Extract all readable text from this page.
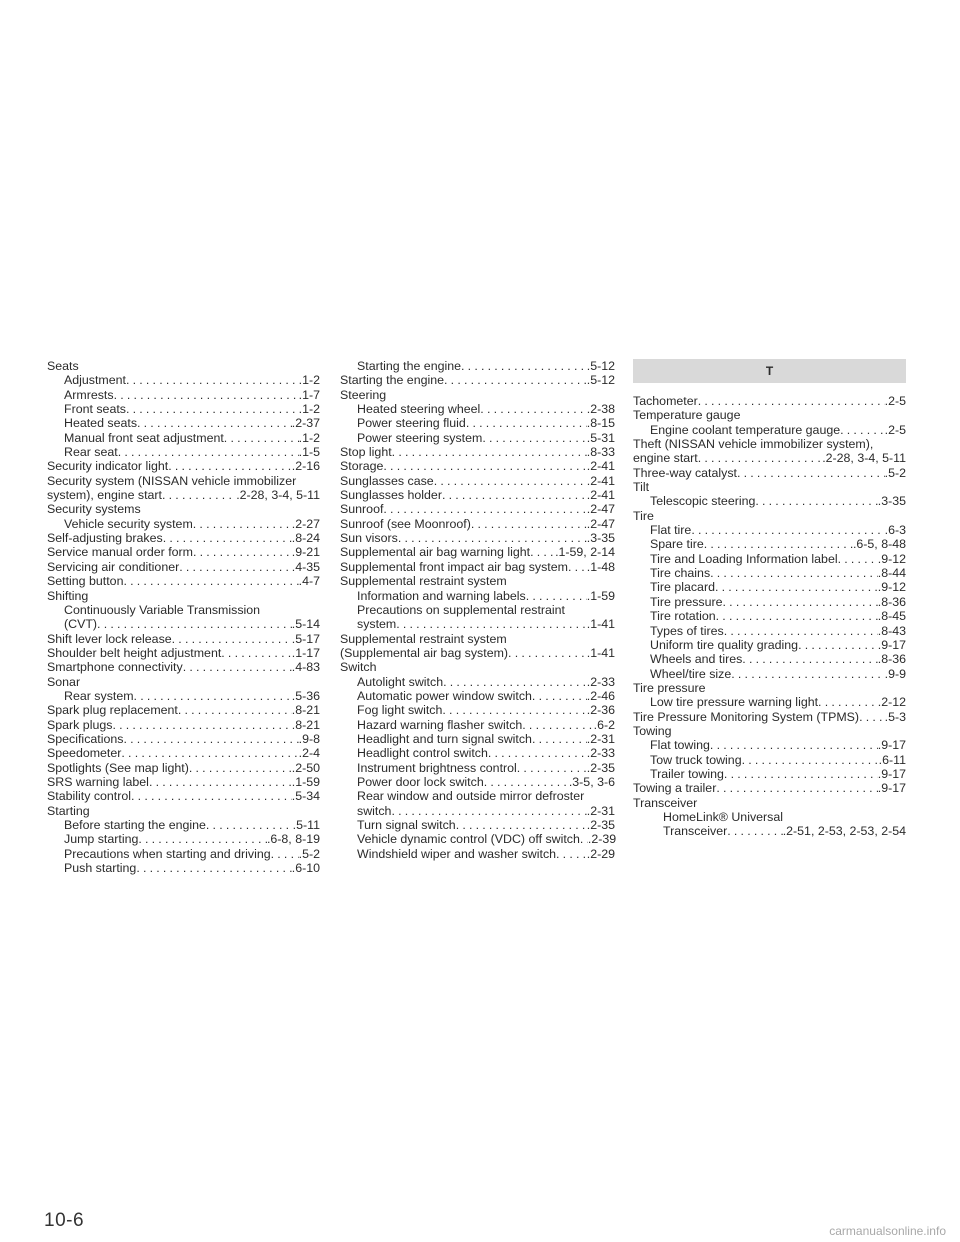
Seats
Adjustment .....	.1-2
Armrests .....	.1-7
Front seats .....	.1-2
Heated seats .....	.2-37
Manual front seat adjustment .....	.1-2
Rear seat .....	.1-5
Security indicator light .....	.2-16
Security system (NISSAN vehicle immobilizer
system), engine start .....	.2-28, 3-4, 5-11
Security systems
Vehicle security system .....	.2-27
Self-adjusting brakes .....	.8-24
Service manual order form .....	.9-21
Servicing air conditioner .....	.4-35
Setting button .....	.4-7
Shifting
Continuously Variable Transmission
(CVT) .....	.5-14
Shift lever lock release .....	.5-17
Shoulder belt height adjustment .....	.1-17
Smartphone connectivity .....	.4-83
Sonar
Rear system .....	.5-36
Spark plug replacement .....	.8-21
Spark plugs .....	.8-21
Specifications .....	.9-8
Speedometer .....	.2-4
Spotlights (See map light) .....	.2-50
SRS warning label .....	.1-59
Stability control .....	.5-34
Starting
Before starting the engine .....	.5-11
Jump starting .....	.6-8, 8-19
Precautions when starting and driving ..... .5-2
Push starting .....	.6-10
Starting the engine .....	.5-12
Starting the engine .....	.5-12
Steering
Heated steering wheel .....	.2-38
Power steering fluid .....	.8-15
Power steering system .....	.5-31
Stop light .....	.8-33
Storage .....	.2-41
Sunglasses case .....	.2-41
Sunglasses holder .....	.2-41
Sunroof .....	.2-47
Sunroof (see Moonroof) .....	.2-47
Sun visors .....	.3-35
Supplemental air bag warning light ..... .1-59, 2-14
Supplemental front impact air bag system ..... .1-48
Supplemental restraint system
Information and warning labels .....	.1-59
Precautions on supplemental restraint
system .....	.1-41
Supplemental restraint system
(Supplemental air bag system) .....	.1-41
Switch
Autolight switch .....	.2-33
Automatic power window switch .....	.2-46
Fog light switch .....	.2-36
Hazard warning flasher switch .....	.6-2
Headlight and turn signal switch .....	.2-31
Headlight control switch .....	.2-33
Instrument brightness control .....	.2-35
Power door lock switch .....	.3-5, 3-6
Rear window and outside mirror defroster
switch .....	.2-31
Turn signal switch .....	.2-35
Vehicle dynamic control (VDC) off switch ..... .2-39
Windshield wiper and washer switch ..... .2-29
T
Tachometer .....	.2-5
Temperature gauge
Engine coolant temperature gauge .....	.2-5
Theft (NISSAN vehicle immobilizer system),
engine start .....	.2-28, 3-4, 5-11
Three-way catalyst .....	.5-2
Tilt
Telescopic steering .....	.3-35
Tire
Flat tire .....	.6-3
Spare tire .....	.6-5, 8-48
Tire and Loading Information label .....	.9-12
Tire chains .....	.8-44
Tire placard .....	.9-12
Tire pressure .....	.8-36
Tire rotation .....	.8-45
Types of tires .....	.8-43
Uniform tire quality grading .....	.9-17
Wheels and tires .....	.8-36
Wheel/tire size .....	.9-9
Tire pressure
Low tire pressure warning light .....	.2-12
Tire Pressure Monitoring System (TPMS) ..... .5-3
Towing
Flat towing .....	.9-17
Tow truck towing .....	.6-11
Trailer towing .....	.9-17
Towing a trailer .....	.9-17
Transceiver
HomeLink® Universal
Transceiver .....	.2-51, 2-53, 2-53, 2-54
10-6	carmanualsonline.info
